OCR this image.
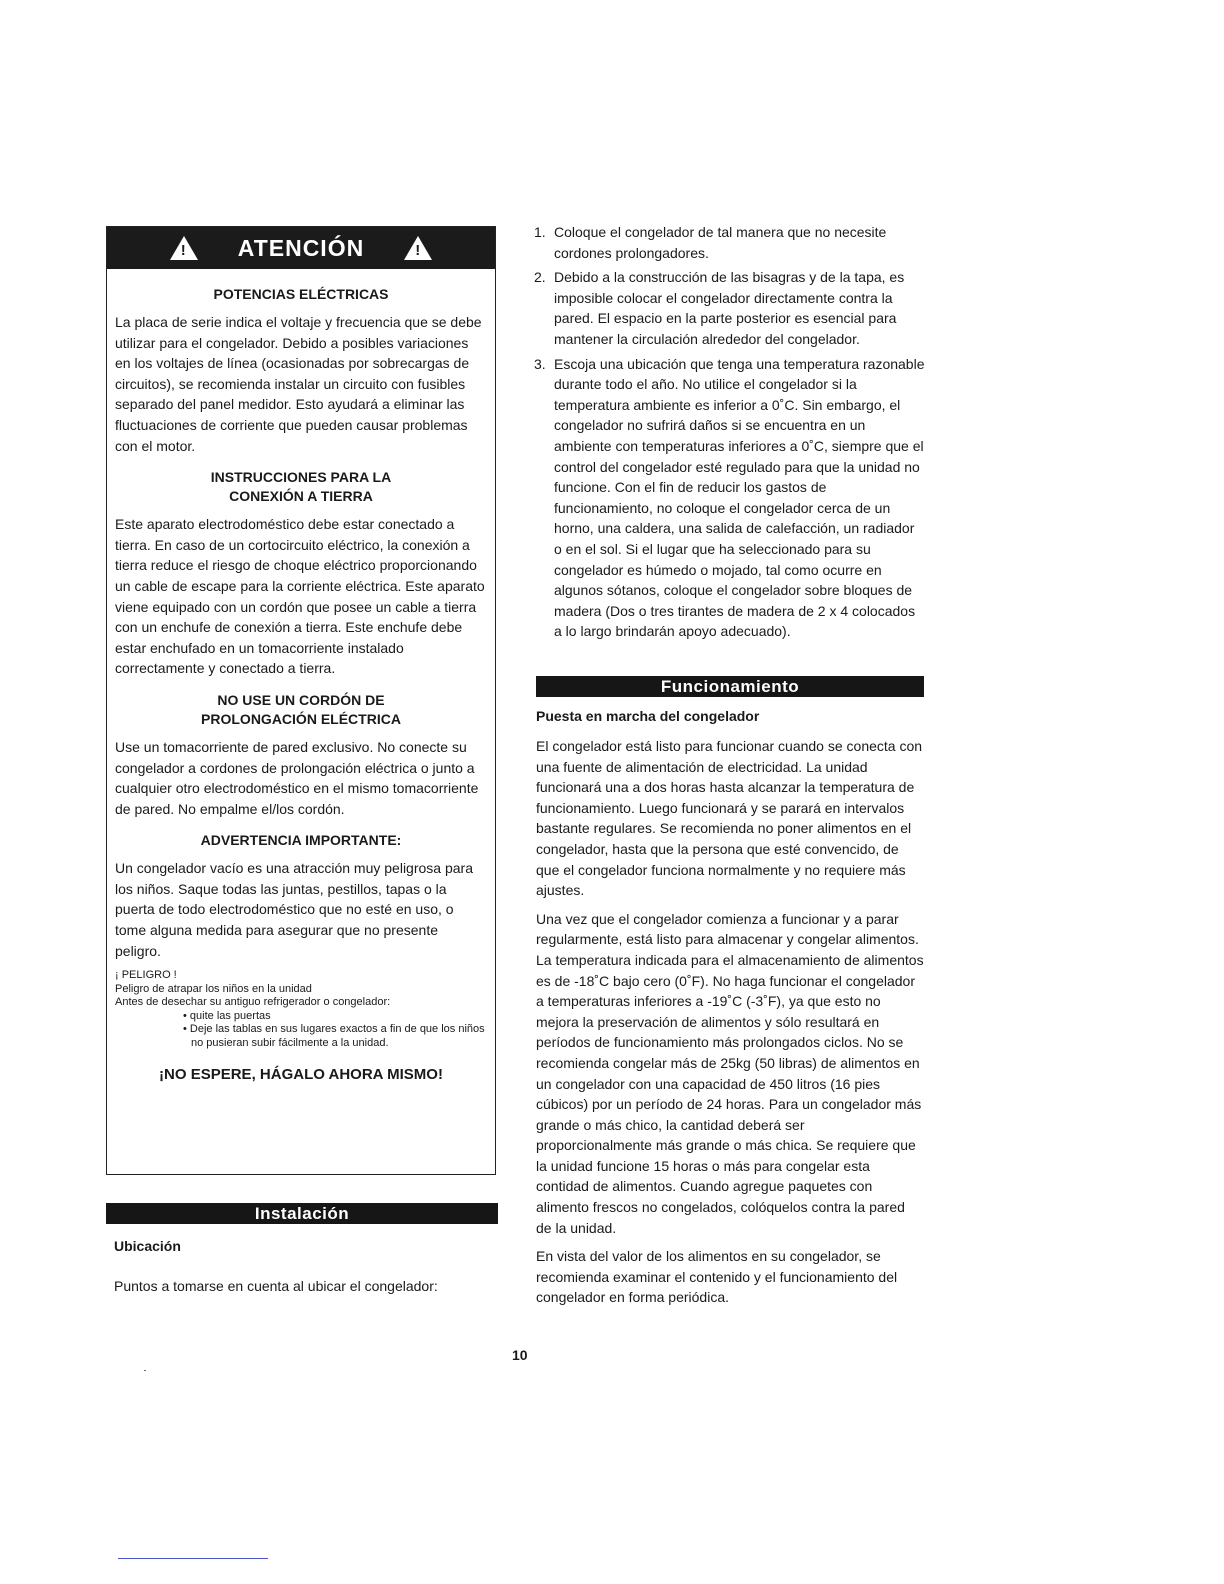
!
ATENCIÓN
!
POTENCIAS ELÉCTRICAS

La placa de serie indica el voltaje y frecuencia que se debe utilizar para el congelador. Debido a posibles variaciones en los voltajes de línea (ocasionadas por sobrecargas de circuitos), se recomienda instalar un circuito con fusibles separado del panel medidor. Esto ayudará a eliminar las fluctuaciones de corriente que pueden causar problemas con el motor.

INSTRUCCIONES PARA LA CONEXIÓN A TIERRA

Este aparato electrodoméstico debe estar conectado a tierra. En caso de un cortocircuito eléctrico, la conexión a tierra reduce el riesgo de choque eléctrico proporcionando un cable de escape para la corriente eléctrica. Este aparato viene equipado con un cordón que posee un cable a tierra con un enchufe de conexión a tierra. Este enchufe debe estar enchufado en un tomacorriente instalado correctamente y conectado a tierra.

NO USE UN CORDÓN DE PROLONGACIÓN ELÉCTRICA

Use un tomacorriente de pared exclusivo. No conecte su congelador a cordones de prolongación eléctrica o junto a cualquier otro electrodoméstico en el mismo tomacorriente de pared. No empalme el/los cordón.

ADVERTENCIA IMPORTANTE:

Un congelador vacío es una atracción muy peligrosa para los niños. Saque todas las juntas, pestillos, tapas o la puerta de todo electrodoméstico que no esté en uso, o tome alguna medida para asegurar que no presente peligro.

¡ PELIGRO !

Peligro de atrapar los niños en la unidad

Antes de desechar su antiguo refrigerador o congelador:

• quite las puertas

• Deje las tablas en sus lugares exactos a fin de que los niños no pusieran subir fácilmente a la unidad.

¡NO ESPERE, HÁGALO AHORA MISMO!
Instalación
Ubicación

Puntos a tomarse en cuenta al ubicar el congelador:

1. Coloque el congelador de tal manera que no necesite cordones prolongadores.
2. Debido a la construcción de las bisagras y de la tapa, es imposible colocar el congelador directamente contra la pared. El espacio en la parte posterior es esencial para mantener la circulación alrededor del congelador.
3. Escoja una ubicación que tenga una temperatura razonable durante todo el año. No utilice el congelador si la temperatura ambiente es inferior a 0˚C. Sin embargo, el congelador no sufrirá daños si se encuentra en un ambiente con temperaturas inferiores a 0˚C, siempre que el control del congelador esté regulado para que la unidad no funcione. Con el fin de reducir los gastos de funcionamiento, no coloque el congelador cerca de un horno, una caldera, una salida de calefacción, un radiador o en el sol. Si el lugar que ha seleccionado para su congelador es húmedo o mojado, tal como ocurre en algunos sótanos, coloque el congelador sobre bloques de madera (Dos o tres tirantes de madera de 2 x 4 colocados a lo largo brindarán apoyo adecuado).
Funcionamiento
Puesta en marcha del congelador

El congelador está listo para funcionar cuando se conecta con una fuente de alimentación de electricidad. La unidad funcionará una a dos horas hasta alcanzar la temperatura de funcionamiento. Luego funcionará y se parará en intervalos bastante regulares. Se recomienda no poner alimentos en el congelador, hasta que la persona que esté convencido, de que el congelador funciona normalmente y no requiere más ajustes.

Una vez que el congelador comienza a funcionar y a parar regularmente, está listo para almacenar y congelar alimentos. La temperatura indicada para el almacenamiento de alimentos es de -18˚C bajo cero (0˚F). No haga funcionar el congelador a temperaturas inferiores a -19˚C (-3˚F), ya que esto no mejora la preservación de alimentos y sólo resultará en períodos de funcionamiento más prolongados ciclos. No se recomienda congelar más de 25kg (50 libras) de alimentos en un congelador con una capacidad de 450 litros (16 pies cúbicos) por un período de 24 horas. Para un congelador más grande o más chico, la cantidad deberá ser proporcionalmente más grande o más chica. Se requiere que la unidad funcione 15 horas o más para congelar esta contidad de alimentos. Cuando agregue paquetes con alimento frescos no congelados, colóquelos contra la pared de la unidad.

En vista del valor de los alimentos en su congelador, se recomienda examinar el contenido y el funcionamiento del congelador en forma periódica.

10
